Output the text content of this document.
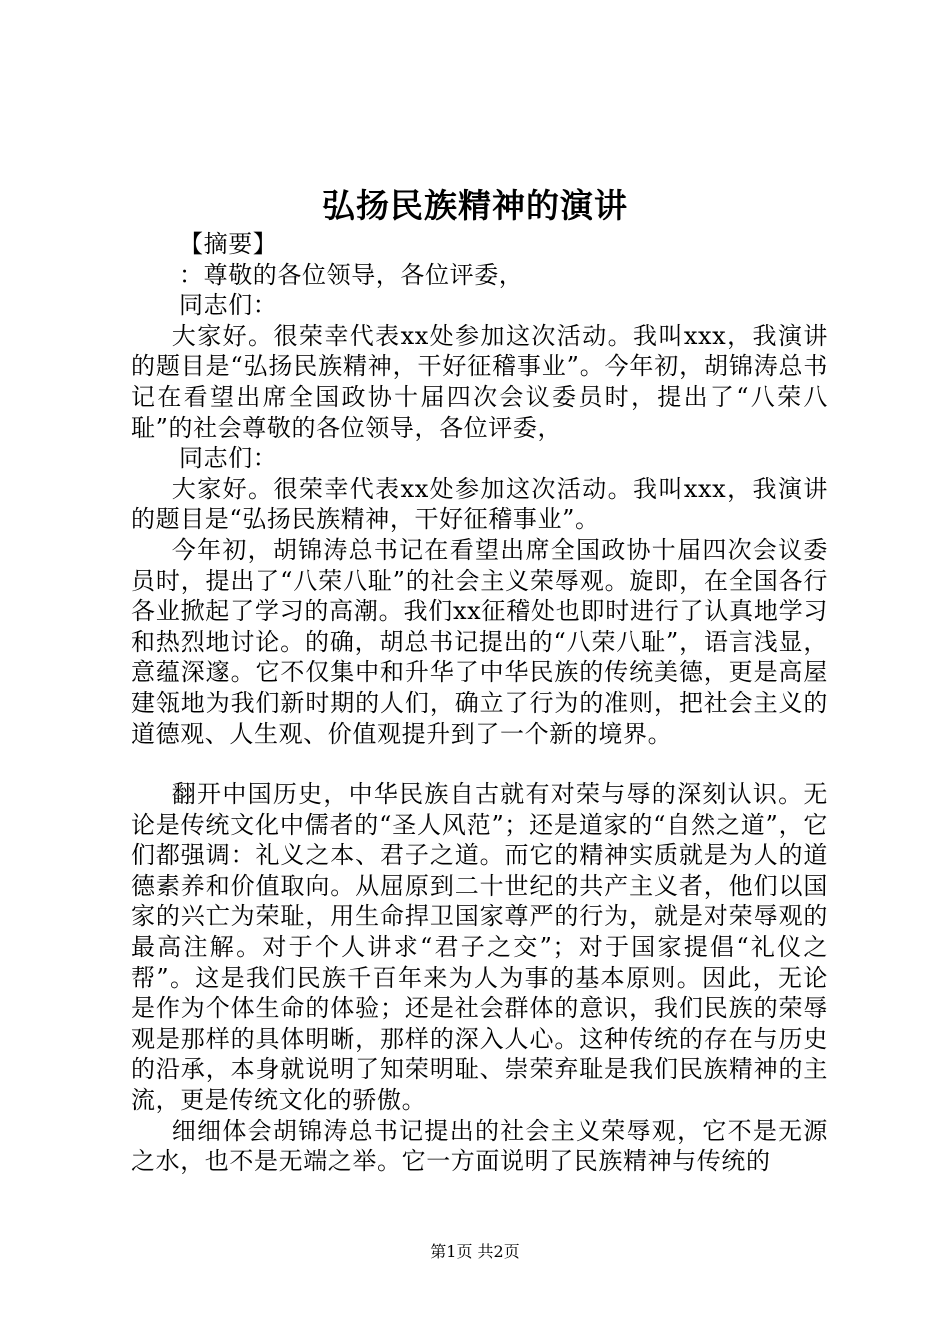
弘扬民族精神的演讲

【摘要】

：尊敬的各位领导，各位评委，

同志们：

大家好。很荣幸代表xx处参加这次活动。我叫xxx，我演讲的题目是“弘扬民族精神，干好征稽事业”。今年初，胡锦涛总书记在看望出席全国政协十届四次会议委员时，提出了“八荣八耻”的社会尊敬的各位领导，各位评委，

同志们：

大家好。很荣幸代表xx处参加这次活动。我叫xxx，我演讲的题目是“弘扬民族精神，干好征稽事业”。

今年初，胡锦涛总书记在看望出席全国政协十届四次会议委员时，提出了“八荣八耻”的社会主义荣辱观。旋即，在全国各行各业掀起了学习的高潮。我们xx征稽处也即时进行了认真地学习和热烈地讨论。的确，胡总书记提出的“八荣八耻”，语言浅显，意蕴深邃。它不仅集中和升华了中华民族的传统美德，更是高屋建瓴地为我们新时期的人们，确立了行为的准则，把社会主义的道德观、人生观、价值观提升到了一个新的境界。

翻开中国历史，中华民族自古就有对荣与辱的深刻认识。无论是传统文化中儒者的“圣人风范”；还是道家的“自然之道”，它们都强调：礼义之本、君子之道。而它的精神实质就是为人的道德素养和价值取向。从屈原到二十世纪的共产主义者，他们以国家的兴亡为荣耻，用生命捍卫国家尊严的行为，就是对荣辱观的最高注解。对于个人讲求“君子之交”；对于国家提倡“礼仪之帮”。这是我们民族千百年来为人为事的基本原则。因此，无论是作为个体生命的体验；还是社会群体的意识，我们民族的荣辱观是那样的具体明晰，那样的深入人心。这种传统的存在与历史的沿承，本身就说明了知荣明耻、崇荣弃耻是我们民族精神的主流，更是传统文化的骄傲。

细细体会胡锦涛总书记提出的社会主义荣辱观，它不是无源之水，也不是无端之举。它一方面说明了民族精神与传统的

第1页 共2页
